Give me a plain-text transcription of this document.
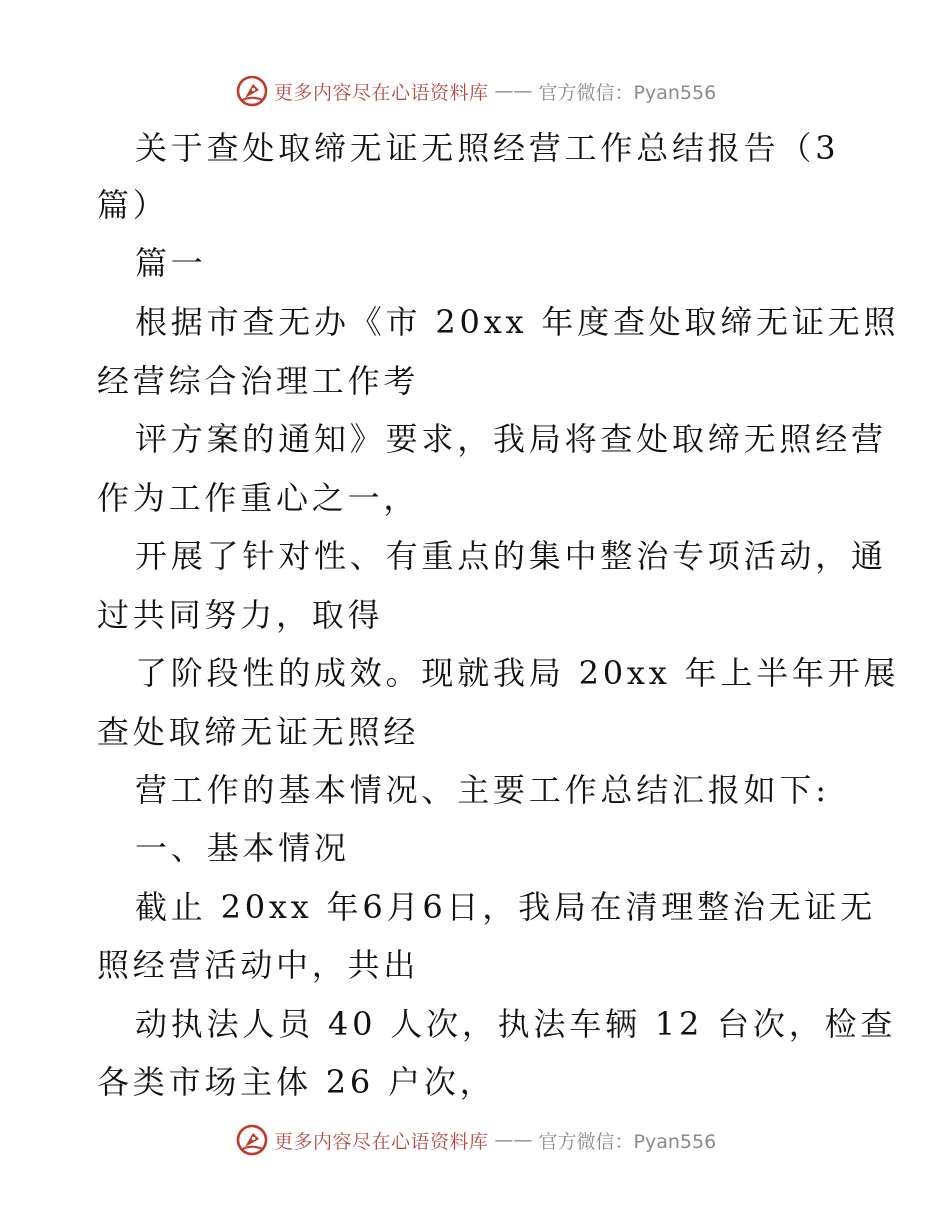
更多内容尽在心语资料库 —— 官方微信：Pyan556
关于查处取缔无证无照经营工作总结报告（3
篇）
篇一
根据市查无办《市 20xx 年度查处取缔无证无照
经营综合治理工作考
评方案的通知》要求，我局将查处取缔无照经营
作为工作重心之一，
开展了针对性、有重点的集中整治专项活动，通
过共同努力，取得
了阶段性的成效。现就我局 20xx 年上半年开展
查处取缔无证无照经
营工作的基本情况、主要工作总结汇报如下:
一、基本情况
截止 20xx 年6月6日，我局在清理整治无证无
照经营活动中，共出
动执法人员 40 人次，执法车辆 12 台次，检查
各类市场主体 26 户次，
更多内容尽在心语资料库 —— 官方微信：Pyan556
